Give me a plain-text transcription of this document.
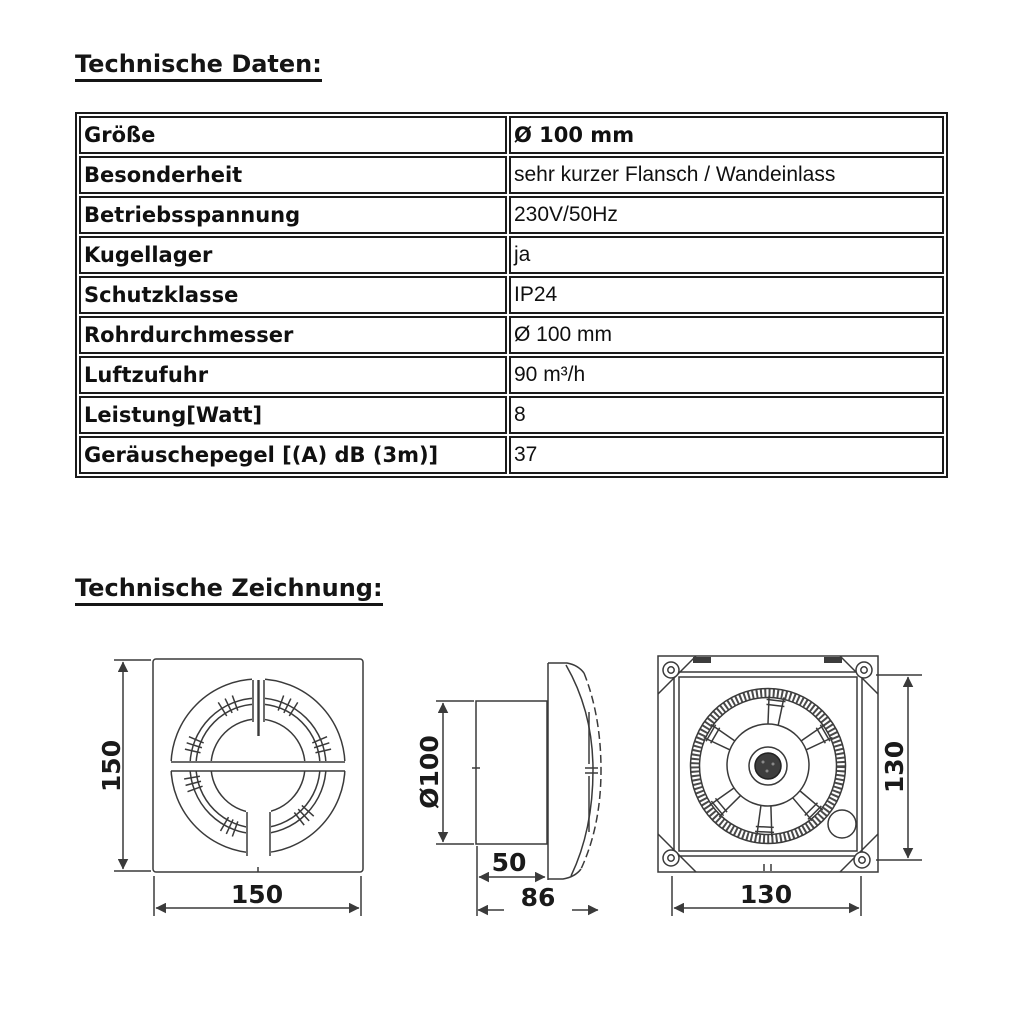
Technische Daten:
Größe	Ø 100 mm
Besonderheit	sehr kurzer Flansch / Wandeinlass
Betriebsspannung	230V/50Hz
Kugellager	ja
Schutzklasse	IP24
Rohrdurchmesser	Ø 100 mm
Luftzufuhr	90 m³/h
Leistung[Watt]	8
Geräuschepegel [(A) dB (3m)]	37
Technische Zeichnung:
150
150
Ø100
50
86
130
130
